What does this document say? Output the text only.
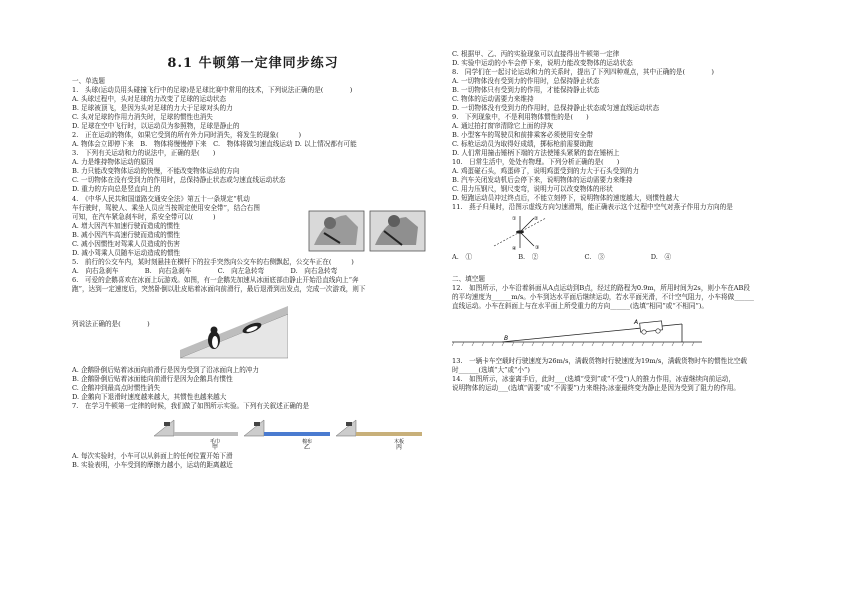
8.1 牛顿第一定律同步练习
一、单选题
1.　头球(运动员用头碰撞飞行中的足球)是足球比赛中常用的技术，下列说法正确的是(　　　　)
A. 头球过程中，头对足球的力改变了足球的运动状态
B. 足球被顶飞，是因为头对足球的力大于足球对头的力
C. 头对足球的作用力消失时，足球的惯性也消失
D. 足球在空中飞行时，以运动员为参照物，足球是静止的
2.　正在运动的物体，如果它受到的所有外力同时消失，将发生的现象(　　　)
A. 物体会立即停下来　B.　物体将慢慢停下来　C.　物体将做匀速直线运动 D. 以上情况都有可能
3.　下列有关运动和力的说法中，正确的是(　　)
A. 力是维持物体运动的原因
B. 力只能改变物体运动的快慢，不能改变物体运动的方向
C. 一切物体在没有受到力的作用时，总保持静止状态或匀速直线运动状态
D. 重力的方向总是竖直向上的
4.　《中华人民共和国道路交通安全法》第五十一条规定“机动
车行驶时，驾驶人、乘坐人员应当按规定使用安全带”，结合右图
可知，在汽车紧急刹车时，系安全带可以(　　　)
A. 增大因汽车加速行驶而造成的惯性
B. 减小因汽车高速行驶而造成的惯性
C. 减小因惯性对驾乘人员造成的伤害
D. 减小驾乘人员随车运动造成的惯性
5.　前行的公交车内，某时刻悬挂在横杆下的拉手突然向公交车的右侧飘起，公交车正在(　　　)
A.　向右急刹车　　　　B.　向右急刹车　　　　C.　向左急转弯　　　　D.　向右急转弯
6.　可爱的企鹅喜欢在冰面上玩游戏。如图，有一企鹅先加速从冰面底部由静止开始沿直线向上“奔
跑”，达到一定速度后，突然卧倒以肚皮贴着冰面向前滑行，最后退滑到出发点，完成一次游戏，则下
列说法正确的是(　　　　)
A. 企鹅卧倒后贴着冰面向前滑行是因为受到了沿冰面向上的冲力
B. 企鹅卧倒后贴着冰面能向前滑行是因为企鹅具有惯性
C. 企鹅冲到最高点时惯性消失
D. 企鹅向下退滑时速度越来越大，其惯性也越来越大
7.　在学习牛顿第一定律的时候，我们做了如图所示实验。下列有关叙述正确的是
A. 每次实验时，小车可以从斜面上的任何位置开始下滑
B. 实验表明，小车受到的摩擦力越小，运动的距离越近
C. 根据甲、乙、丙的实验现象可以直接得出牛顿第一定律
D. 实验中运动的小车会停下来，说明力能改变物体的运动状态
8.　同学们在一起讨论运动和力的关系时，提出了下列四种观点，其中正确的是(　　　　)
A. 一切物体没有受到力的作用时，总保持静止状态
B. 一切物体只有受到力的作用，才能保持静止状态
C. 物体的运动需要力来维持
D. 一切物体没有受到力的作用时，总保持静止状态或匀速直线运动状态
9.　下列现象中，不是利用物体惯性的是(　　)
A. 通过拍打窗帘清除它上面的浮灰
B. 小型客车的驾驶员和前排乘客必须使用安全带
C. 标枪运动员为取得好成绩，掷标枪前需要助跑
D. 人们常用撞击锤柄下端的方法使锤头紧紧的套在锤柄上
10.　日常生活中，处处有物理。下列分析正确的是(　　)
A. 鸡蛋碰石头，鸡蛋碎了，说明鸡蛋受到的力大于石头受到的力
B. 汽车关闭发动机后会停下来，说明物体的运动需要力来维持
C. 用力压钢尺，钢尺变弯，说明力可以改变物体的形状
D. 短跑运动员冲过终点后，不能立刻停下，说明物体的速度越大，则惯性越大
11.　燕子归巢时，沿图示虚线方向匀速滑翔，能正确表示这个过程中空气对燕子作用力方向的是
A.　①　　　　　　　B.　②　　　　　　　C.　③　　　　　　　D.　④
二、填空题
12.　如图所示，小车沿着斜面从A点运动到B点，经过的路程为0.9m，所用时间为2s，则小车在AB段
的平均速度为______m/s。小车到达水平面后继续运动，若水平面光滑，不计空气阻力，小车将做______
直线运动。小车在斜面上与在水平面上所受重力的方向______(选填“相同”或“不相同”)。
13.　一辆卡车空载时行驶速度为26m/s，满载货物时行驶速度为19m/s，满载货物时车的惯性比空载
时______(选填“大”或“小”)
14.　如图所示，冰壶离手后，此时___(选填“受到”或“不受”)人的推力作用，冰壶继续向前运动，
说明物体的运动___(选填“需要”或“不需要”)力来维持;冰壶最终变为静止是因为受到了阻力的作用。
毛巾	棉布	木板
甲	乙	丙
①	②
③
④
A
B
